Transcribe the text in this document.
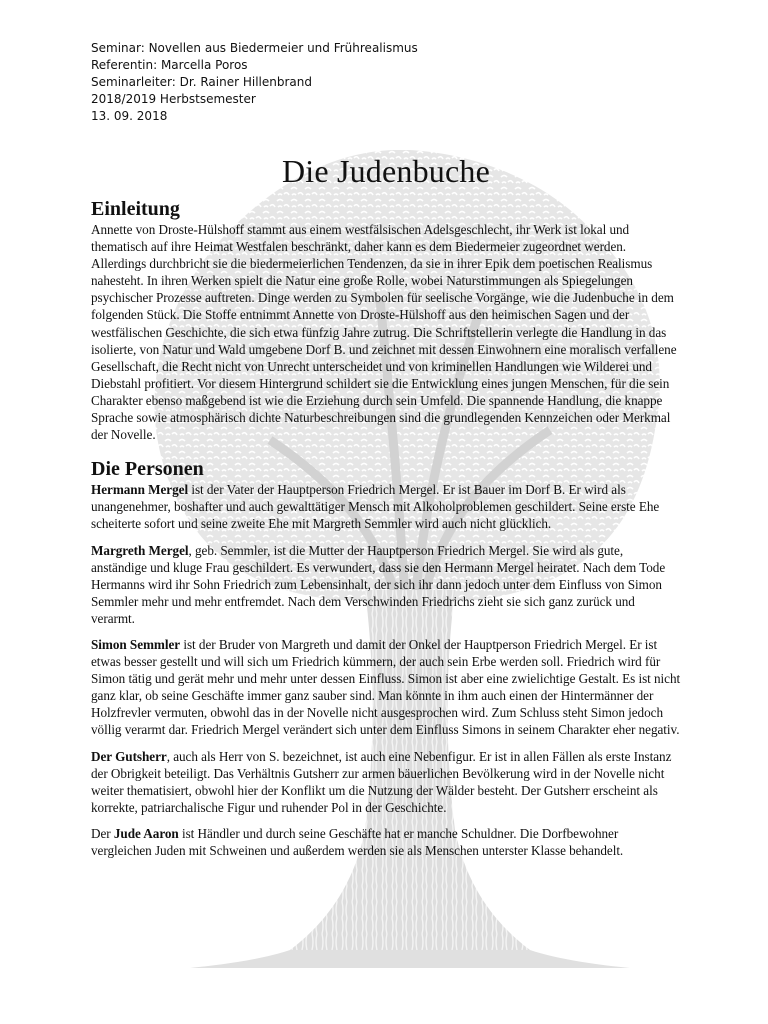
Seminar: Novellen aus Biedermeier und Frührealismus
Referentin: Marcella Poros
Seminarleiter: Dr. Rainer Hillenbrand
2018/2019 Herbstsemester
13. 09. 2018
Die Judenbuche
Einleitung

Annette von Droste-Hülshoff stammt aus einem westfälsischen Adelsgeschlecht, ihr Werk ist lokal und thematisch auf ihre Heimat Westfalen beschränkt, daher kann es dem Biedermeier zugeordnet werden. Allerdings durchbricht sie die biedermeierlichen Tendenzen, da sie in ihrer Epik dem poetischen Realismus nahesteht. In ihren Werken spielt die Natur eine große Rolle, wobei Naturstimmungen als Spiegelungen psychischer Prozesse auftreten. Dinge werden zu Symbolen für seelische Vorgänge, wie die Judenbuche in dem folgenden Stück. Die Stoffe entnimmt Annette von Droste-Hülshoff aus den heimischen Sagen und der westfälischen Geschichte, die sich etwa fünfzig Jahre zutrug. Die Schriftstellerin verlegte die Handlung in das isolierte, von Natur und Wald umgebene Dorf B. und zeichnet mit dessen Einwohnern eine moralisch verfallene Gesellschaft, die Recht nicht von Unrecht unterscheidet und von kriminellen Handlungen wie Wilderei und Diebstahl profitiert. Vor diesem Hintergrund schildert sie die Entwicklung eines jungen Menschen, für die sein Charakter ebenso maßgebend ist wie die Erziehung durch sein Umfeld. Die spannende Handlung, die knappe Sprache sowie atmosphärisch dichte Naturbeschreibungen sind die grundlegenden Kennzeichen oder Merkmal der Novelle.

Die Personen

Hermann Mergel ist der Vater der Hauptperson Friedrich Mergel. Er ist Bauer im Dorf B. Er wird als unangenehmer, boshafter und auch gewalttätiger Mensch mit Alkoholproblemen geschildert. Seine erste Ehe scheiterte sofort und seine zweite Ehe mit Margreth Semmler wird auch nicht glücklich.

Margreth Mergel, geb. Semmler, ist die Mutter der Hauptperson Friedrich Mergel. Sie wird als gute, anständige und kluge Frau geschildert. Es verwundert, dass sie den Hermann Mergel heiratet. Nach dem Tode Hermanns wird ihr Sohn Friedrich zum Lebensinhalt, der sich ihr dann jedoch unter dem Einfluss von Simon Semmler mehr und mehr entfremdet. Nach dem Verschwinden Friedrichs zieht sie sich ganz zurück und verarmt.

Simon Semmler ist der Bruder von Margreth und damit der Onkel der Hauptperson Friedrich Mergel. Er ist etwas besser gestellt und will sich um Friedrich kümmern, der auch sein Erbe werden soll. Friedrich wird für Simon tätig und gerät mehr und mehr unter dessen Einfluss. Simon ist aber eine zwielichtige Gestalt. Es ist nicht ganz klar, ob seine Geschäfte immer ganz sauber sind. Man könnte in ihm auch einen der Hintermänner der Holzfrevler vermuten, obwohl das in der Novelle nicht ausgesprochen wird. Zum Schluss steht Simon jedoch völlig verarmt dar. Friedrich Mergel verändert sich unter dem Einfluss Simons in seinem Charakter eher negativ.

Der Gutsherr, auch als Herr von S. bezeichnet, ist auch eine Nebenfigur. Er ist in allen Fällen als erste Instanz der Obrigkeit beteiligt. Das Verhältnis Gutsherr zur armen bäuerlichen Bevölkerung wird in der Novelle nicht weiter thematisiert, obwohl hier der Konflikt um die Nutzung der Wälder besteht. Der Gutsherr erscheint als korrekte, patriarchalische Figur und ruhender Pol in der Geschichte.

Der Jude Aaron ist Händler und durch seine Geschäfte hat er manche Schuldner. Die Dorfbewohner vergleichen Juden mit Schweinen und außerdem werden sie als Menschen unterster Klasse behandelt.
